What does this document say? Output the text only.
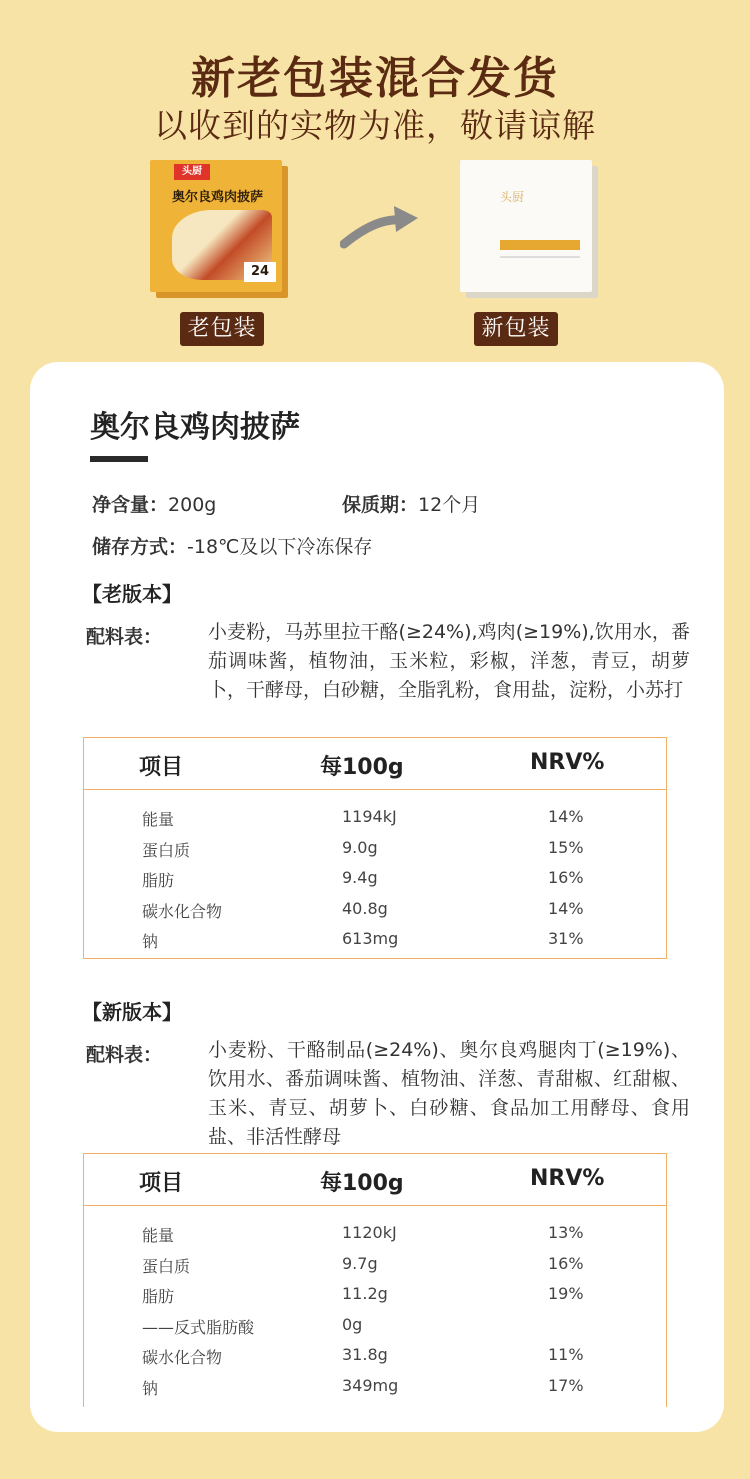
新老包装混合发货
以收到的实物为准，敬请谅解
头厨
奥尔良鸡肉披萨
24
头厨
老包装	新包装
奥尔良鸡肉披萨
净含量：200g	保质期：12个月
储存方式：-18℃及以下冷冻保存
【老版本】
配料表： 小麦粉，马苏里拉干酪(≥24%),鸡肉(≥19%),饮用水，番茄调味酱，植物油，玉米粒，彩椒，洋葱，青豆，胡萝卜，干酵母，白砂糖，全脂乳粉，食用盐，淀粉，小苏打
项目	每100g	NRV%
能量	1194kJ	14%
蛋白质	9.0g	15%
脂肪	9.4g	16%
碳水化合物	40.8g	14%
钠	613mg	31%
【新版本】
配料表： 小麦粉、干酪制品(≥24%)、奥尔良鸡腿肉丁(≥19%)、饮用水、番茄调味酱、植物油、洋葱、青甜椒、红甜椒、玉米、青豆、胡萝卜、白砂糖、食品加工用酵母、食用盐、非活性酵母
项目	每100g	NRV%
能量	1120kJ	13%
蛋白质	9.7g	16%
脂肪	11.2g	19%
——反式脂肪酸	0g
碳水化合物	31.8g	11%
钠	349mg	17%
